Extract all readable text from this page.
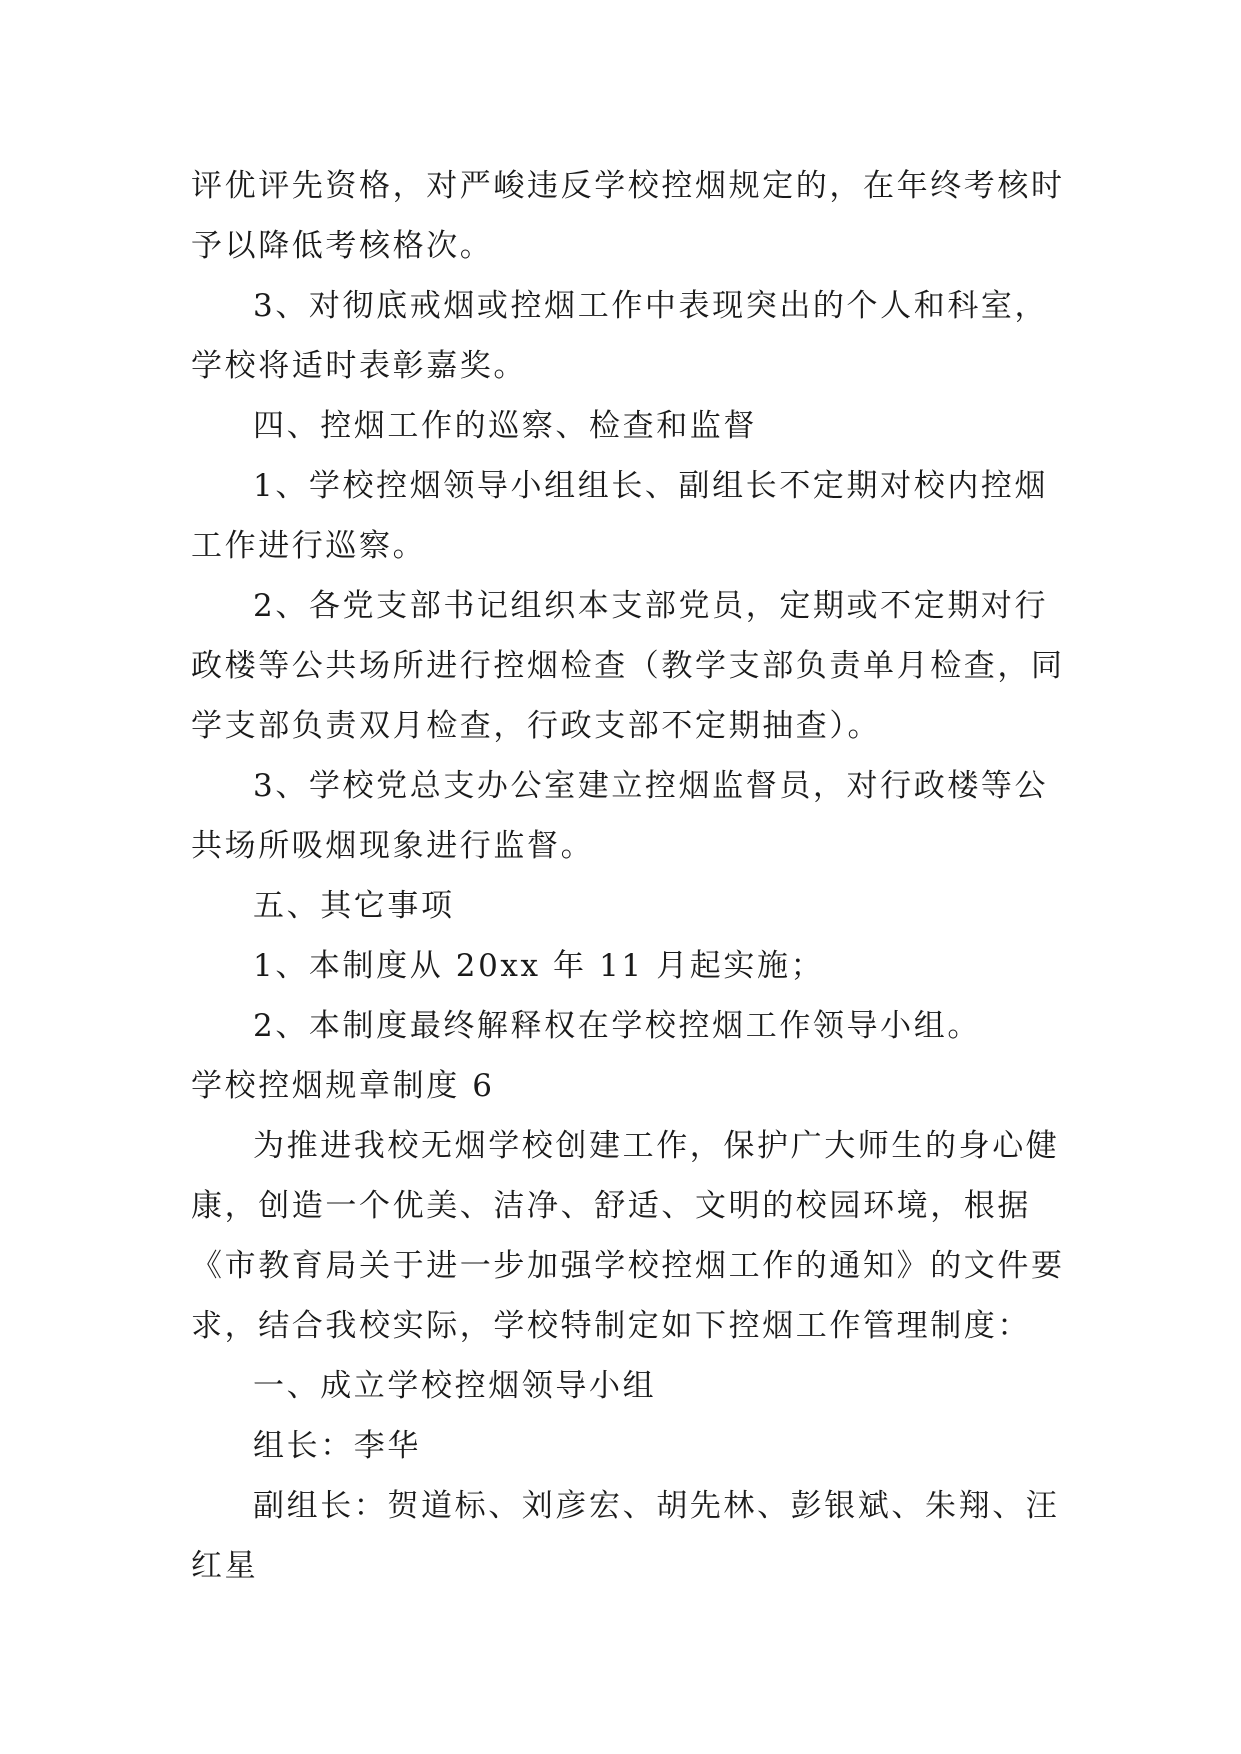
评优评先资格，对严峻违反学校控烟规定的，在年终考核时
予以降低考核格次。
3、对彻底戒烟或控烟工作中表现突出的个人和科室，
学校将适时表彰嘉奖。
四、控烟工作的巡察、检查和监督
1、学校控烟领导小组组长、副组长不定期对校内控烟
工作进行巡察。
2、各党支部书记组织本支部党员，定期或不定期对行
政楼等公共场所进行控烟检查（教学支部负责单月检查，同
学支部负责双月检查，行政支部不定期抽查）。
3、学校党总支办公室建立控烟监督员，对行政楼等公
共场所吸烟现象进行监督。
五、其它事项
1、本制度从 20xx 年 11 月起实施；
2、本制度最终解释权在学校控烟工作领导小组。
学校控烟规章制度 6
为推进我校无烟学校创建工作，保护广大师生的身心健
康，创造一个优美、洁净、舒适、文明的校园环境，根据
《市教育局关于进一步加强学校控烟工作的通知》的文件要
求，结合我校实际，学校特制定如下控烟工作管理制度：
一、成立学校控烟领导小组
组长：李华
副组长：贺道标、刘彦宏、胡先林、彭银斌、朱翔、汪
红星
